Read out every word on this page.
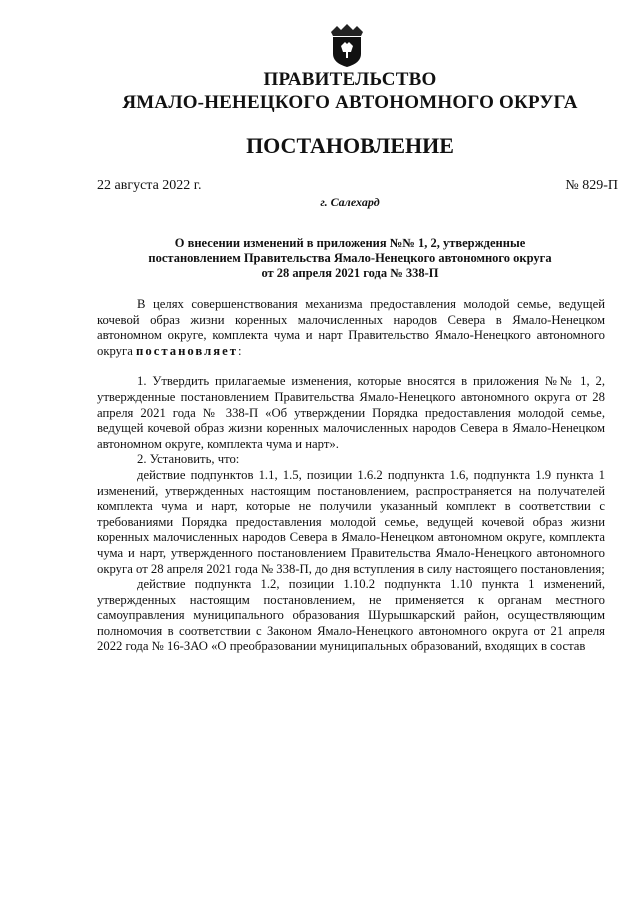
ПРАВИТЕЛЬСТВО
ЯМАЛО-НЕНЕЦКОГО АВТОНОМНОГО ОКРУГА
ПОСТАНОВЛЕНИЕ
22 августа 2022 г.	№ 829-П
г. Салехард
О внесении изменений в приложения №№ 1, 2, утвержденные
постановлением Правительства Ямало-Ненецкого автономного округа
от 28 апреля 2021 года № 338-П

В целях совершенствования механизма предоставления молодой семье, ведущей кочевой образ жизни коренных малочисленных народов Севера в Ямало-Ненецком автономном округе, комплекта чума и нарт Правительство Ямало-Ненецкого автономного округа постановляет:

1. Утвердить прилагаемые изменения, которые вносятся в приложения №№ 1, 2, утвержденные постановлением Правительства Ямало-Ненецкого автономного округа от 28 апреля 2021 года № 338-П «Об утверждении Порядка предоставления молодой семье, ведущей кочевой образ жизни коренных малочисленных народов Севера в Ямало-Ненецком автономном округе, комплекта чума и нарт».

2. Установить, что:

действие подпунктов 1.1, 1.5, позиции 1.6.2 подпункта 1.6, подпункта 1.9 пункта 1 изменений, утвержденных настоящим постановлением, распространяется на получателей комплекта чума и нарт, которые не получили указанный комплект в соответствии с требованиями Порядка предоставления молодой семье, ведущей кочевой образ жизни коренных малочисленных народов Севера в Ямало-Ненецком автономном округе, комплекта чума и нарт, утвержденного постановлением Правительства Ямало-Ненецкого автономного округа от 28 апреля 2021 года № 338-П, до дня вступления в силу настоящего постановления;

действие подпункта 1.2, позиции 1.10.2 подпункта 1.10 пункта 1 изменений, утвержденных настоящим постановлением, не применяется к органам местного самоуправления муниципального образования Шурышкарский район, осуществляющим полномочия в соответствии с Законом Ямало-Ненецкого автономного округа от 21 апреля 2022 года № 16-ЗАО «О преобразовании муниципальных образований, входящих в состав
